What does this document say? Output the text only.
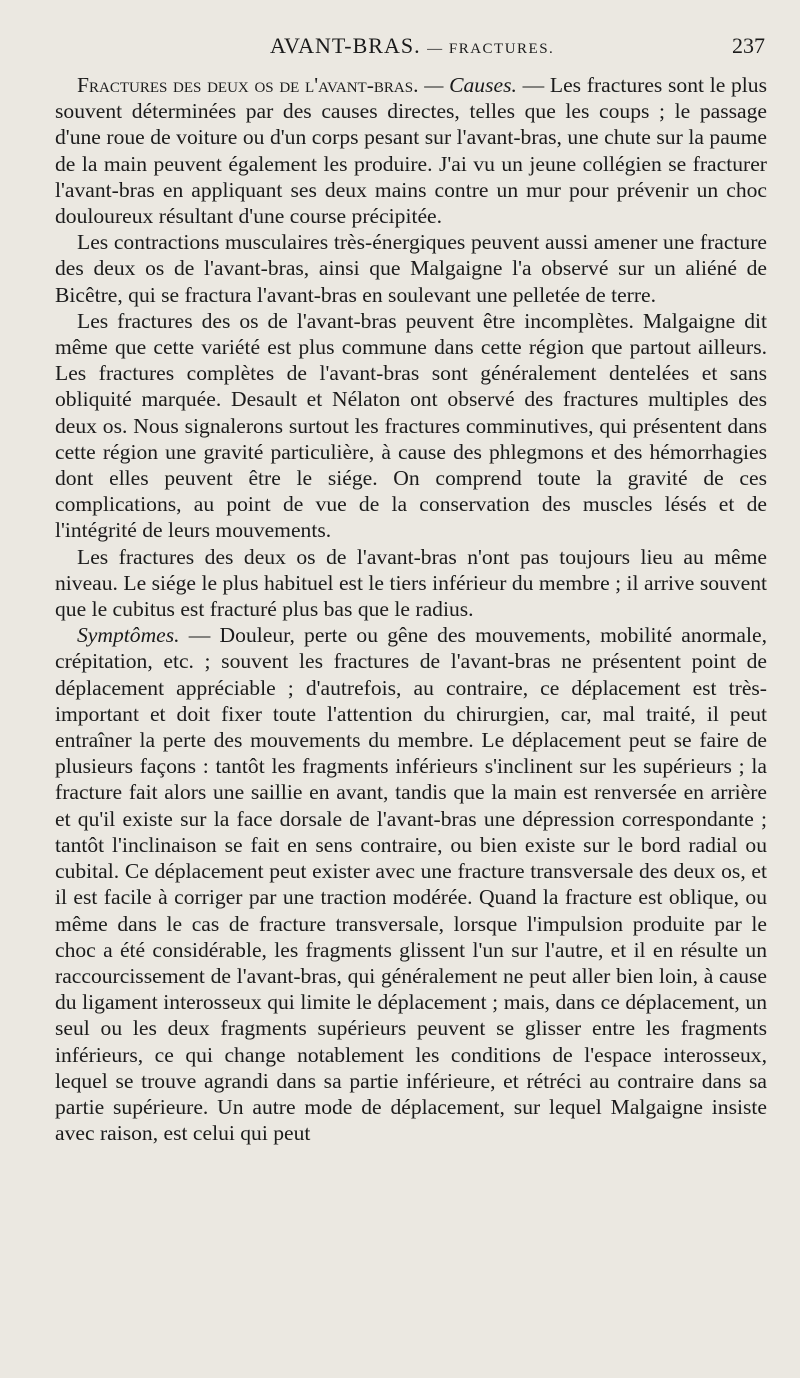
AVANT-BRAS. — FRACTURES.	237

Fractures des deux os de l'avant-bras. — Causes. — Les fractures sont le plus souvent déterminées par des causes directes, telles que les coups ; le passage d'une roue de voiture ou d'un corps pesant sur l'avant-bras, une chute sur la paume de la main peuvent également les produire. J'ai vu un jeune collégien se fracturer l'avant-bras en appliquant ses deux mains contre un mur pour prévenir un choc douloureux résultant d'une course précipitée.

Les contractions musculaires très-énergiques peuvent aussi amener une fracture des deux os de l'avant-bras, ainsi que Malgaigne l'a observé sur un aliéné de Bicêtre, qui se fractura l'avant-bras en soulevant une pelletée de terre.

Les fractures des os de l'avant-bras peuvent être incomplètes. Malgaigne dit même que cette variété est plus commune dans cette région que partout ailleurs. Les fractures complètes de l'avant-bras sont généralement dentelées et sans obliquité marquée. Desault et Nélaton ont observé des fractures multiples des deux os. Nous signalerons surtout les fractures comminutives, qui présentent dans cette région une gravité particulière, à cause des phlegmons et des hémorrhagies dont elles peuvent être le siége. On comprend toute la gravité de ces complications, au point de vue de la conservation des muscles lésés et de l'intégrité de leurs mouvements.

Les fractures des deux os de l'avant-bras n'ont pas toujours lieu au même niveau. Le siége le plus habituel est le tiers inférieur du membre ; il arrive souvent que le cubitus est fracturé plus bas que le radius.

Symptômes. — Douleur, perte ou gêne des mouvements, mobilité anormale, crépitation, etc. ; souvent les fractures de l'avant-bras ne présentent point de déplacement appréciable ; d'autrefois, au contraire, ce déplacement est très-important et doit fixer toute l'attention du chirurgien, car, mal traité, il peut entraîner la perte des mouvements du membre. Le déplacement peut se faire de plusieurs façons : tantôt les fragments inférieurs s'inclinent sur les supérieurs ; la fracture fait alors une saillie en avant, tandis que la main est renversée en arrière et qu'il existe sur la face dorsale de l'avant-bras une dépression correspondante ; tantôt l'inclinaison se fait en sens contraire, ou bien existe sur le bord radial ou cubital. Ce déplacement peut exister avec une fracture transversale des deux os, et il est facile à corriger par une traction modérée. Quand la fracture est oblique, ou même dans le cas de fracture transversale, lorsque l'impulsion produite par le choc a été considérable, les fragments glissent l'un sur l'autre, et il en résulte un raccourcissement de l'avant-bras, qui généralement ne peut aller bien loin, à cause du ligament interosseux qui limite le déplacement ; mais, dans ce déplacement, un seul ou les deux fragments supérieurs peuvent se glisser entre les fragments inférieurs, ce qui change notablement les conditions de l'espace interosseux, lequel se trouve agrandi dans sa partie inférieure, et rétréci au contraire dans sa partie supérieure. Un autre mode de déplacement, sur lequel Malgaigne insiste avec raison, est celui qui peut
